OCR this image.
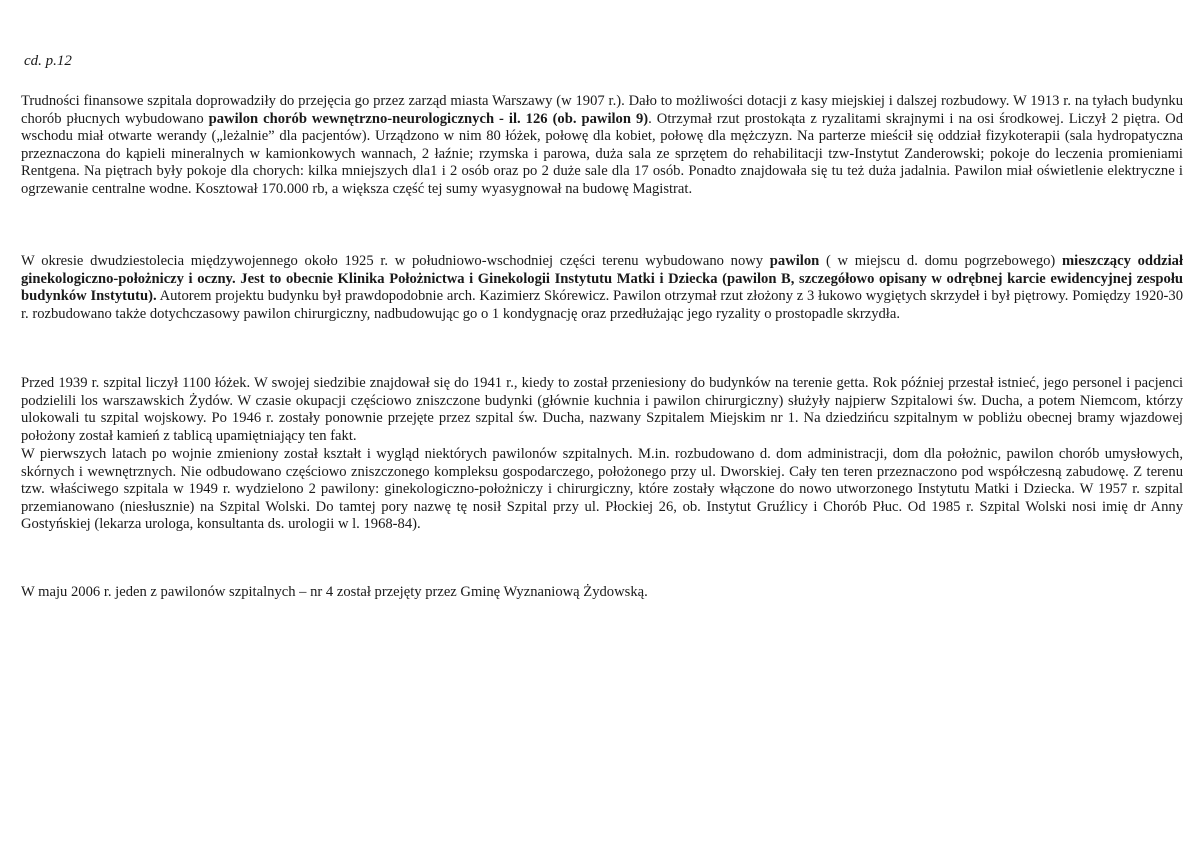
cd. p.12

Trudności finansowe szpitala doprowadziły do przejęcia go przez zarząd miasta Warszawy (w 1907 r.). Dało to możliwości dotacji z kasy miejskiej i dalszej rozbudowy. W 1913 r. na tyłach budynku chorób płucnych wybudowano pawilon chorób wewnętrzno-neurologicznych - il. 126 (ob. pawilon 9). Otrzymał rzut prostokąta z ryzalitami skrajnymi i na osi środkowej. Liczył 2 piętra. Od wschodu miał otwarte werandy („leżalnie” dla pacjentów). Urządzono w nim 80 łóżek, połowę dla kobiet, połowę dla mężczyzn. Na parterze mieścił się oddział fizykoterapii (sala hydropatyczna przeznaczona do kąpieli mineralnych w kamionkowych wannach, 2 łaźnie; rzymska i parowa, duża sala ze sprzętem do rehabilitacji tzw-Instytut Zanderowski; pokoje do leczenia promieniami Rentgena. Na piętrach były pokoje dla chorych: kilka mniejszych dla1 i 2 osób oraz po 2 duże sale dla 17 osób. Ponadto znajdowała się tu też duża jadalnia. Pawilon miał oświetlenie elektryczne i ogrzewanie centralne wodne. Kosztował 170.000 rb, a większa część tej sumy wyasygnował na budowę Magistrat.

W okresie dwudziestolecia międzywojennego około 1925 r. w południowo-wschodniej części terenu wybudowano nowy pawilon ( w miejscu d. domu pogrzebowego) mieszczący oddział ginekologiczno-położniczy i oczny. Jest to obecnie Klinika Położnictwa i Ginekologii Instytutu Matki i Dziecka (pawilon B, szczegółowo opisany w odrębnej karcie ewidencyjnej zespołu budynków Instytutu). Autorem projektu budynku był prawdopodobnie arch. Kazimierz Skórewicz. Pawilon otrzymał rzut złożony z 3 łukowo wygiętych skrzydeł i był piętrowy. Pomiędzy 1920-30 r. rozbudowano także dotychczasowy pawilon chirurgiczny, nadbudowując go o 1 kondygnację oraz przedłużając jego ryzality o prostopadle skrzydła.

Przed 1939 r. szpital liczył 1100 łóżek. W swojej siedzibie znajdował się do 1941 r., kiedy to został przeniesiony do budynków na terenie getta. Rok później przestał istnieć, jego personel i pacjenci podzielili los warszawskich Żydów. W czasie okupacji częściowo zniszczone budynki (głównie kuchnia i pawilon chirurgiczny) służyły najpierw Szpitalowi św. Ducha, a potem Niemcom, którzy ulokowali tu szpital wojskowy. Po 1946 r. zostały ponownie przejęte przez szpital św. Ducha, nazwany Szpitalem Miejskim nr 1. Na dziedzińcu szpitalnym w pobliżu obecnej bramy wjazdowej położony został kamień z tablicą upamiętniający ten fakt.

W pierwszych latach po wojnie zmieniony został kształt i wygląd niektórych pawilonów szpitalnych. M.in. rozbudowano d. dom administracji, dom dla położnic, pawilon chorób umysłowych, skórnych i wewnętrznych. Nie odbudowano częściowo zniszczonego kompleksu gospodarczego, położonego przy ul. Dworskiej. Cały ten teren przeznaczono pod współczesną zabudowę. Z terenu tzw. właściwego szpitala w 1949 r. wydzielono 2 pawilony: ginekologiczno-położniczy i chirurgiczny, które zostały włączone do nowo utworzonego Instytutu Matki i Dziecka. W 1957 r. szpital przemianowano (niesłusznie) na Szpital Wolski. Do tamtej pory nazwę tę nosił Szpital przy ul. Płockiej 26, ob. Instytut Gruźlicy i Chorób Płuc. Od 1985 r. Szpital Wolski nosi imię dr Anny Gostyńskiej (lekarza urologa, konsultanta ds. urologii w l. 1968-84).

W maju 2006 r. jeden z pawilonów szpitalnych – nr 4 został przejęty przez Gminę Wyznaniową Żydowską.
